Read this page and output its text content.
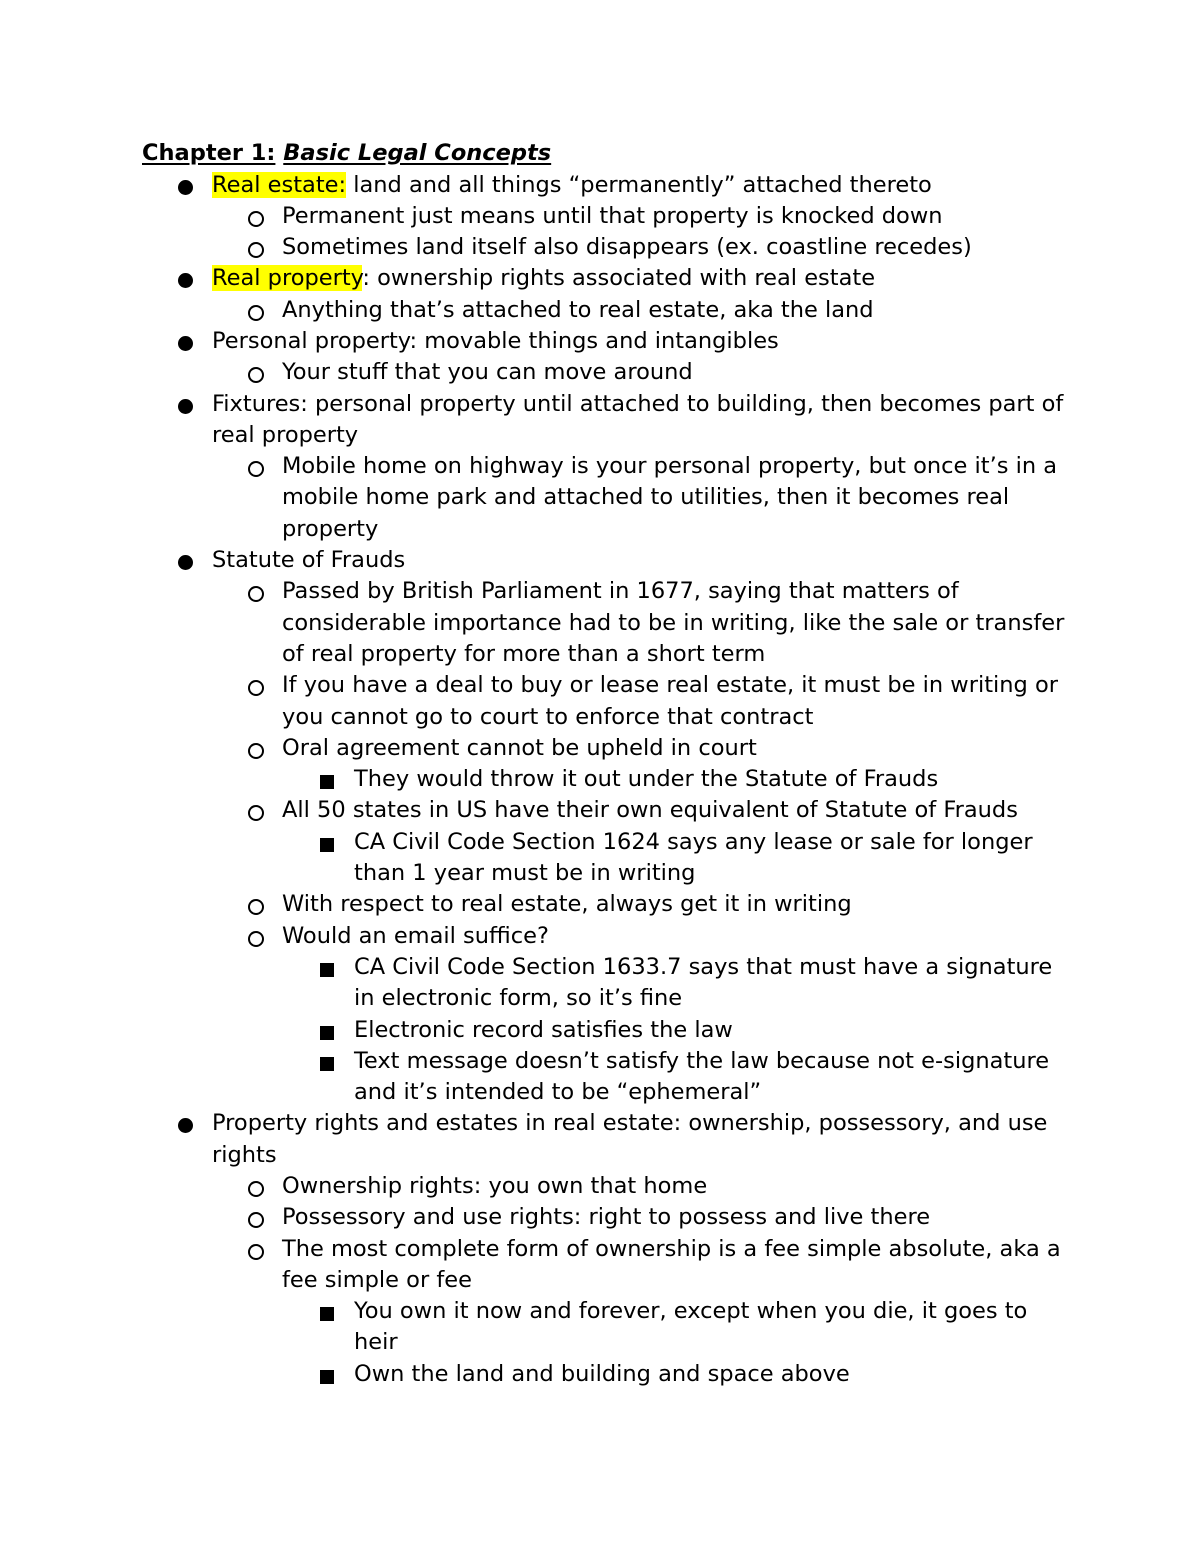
Chapter 1: Basic Legal Concepts
Real estate: land and all things “permanently” attached thereto
Permanent just means until that property is knocked down
Sometimes land itself also disappears (ex. coastline recedes)
Real property: ownership rights associated with real estate
Anything that’s attached to real estate, aka the land
Personal property: movable things and intangibles
Your stuff that you can move around
Fixtures: personal property until attached to building, then becomes part of real property
Mobile home on highway is your personal property, but once it’s in a mobile home park and attached to utilities, then it becomes real property
Statute of Frauds
Passed by British Parliament in 1677, saying that matters of considerable importance had to be in writing, like the sale or transfer of real property for more than a short term
If you have a deal to buy or lease real estate, it must be in writing or you cannot go to court to enforce that contract
Oral agreement cannot be upheld in court
They would throw it out under the Statute of Frauds
All 50 states in US have their own equivalent of Statute of Frauds
CA Civil Code Section 1624 says any lease or sale for longer than 1 year must be in writing
With respect to real estate, always get it in writing
Would an email suffice?
CA Civil Code Section 1633.7 says that must have a signature in electronic form, so it’s fine
Electronic record satisfies the law
Text message doesn’t satisfy the law because not e-signature and it’s intended to be “ephemeral”
Property rights and estates in real estate: ownership, possessory, and use rights
Ownership rights: you own that home
Possessory and use rights: right to possess and live there
The most complete form of ownership is a fee simple absolute, aka a fee simple or fee
You own it now and forever, except when you die, it goes to heir
Own the land and building and space above
